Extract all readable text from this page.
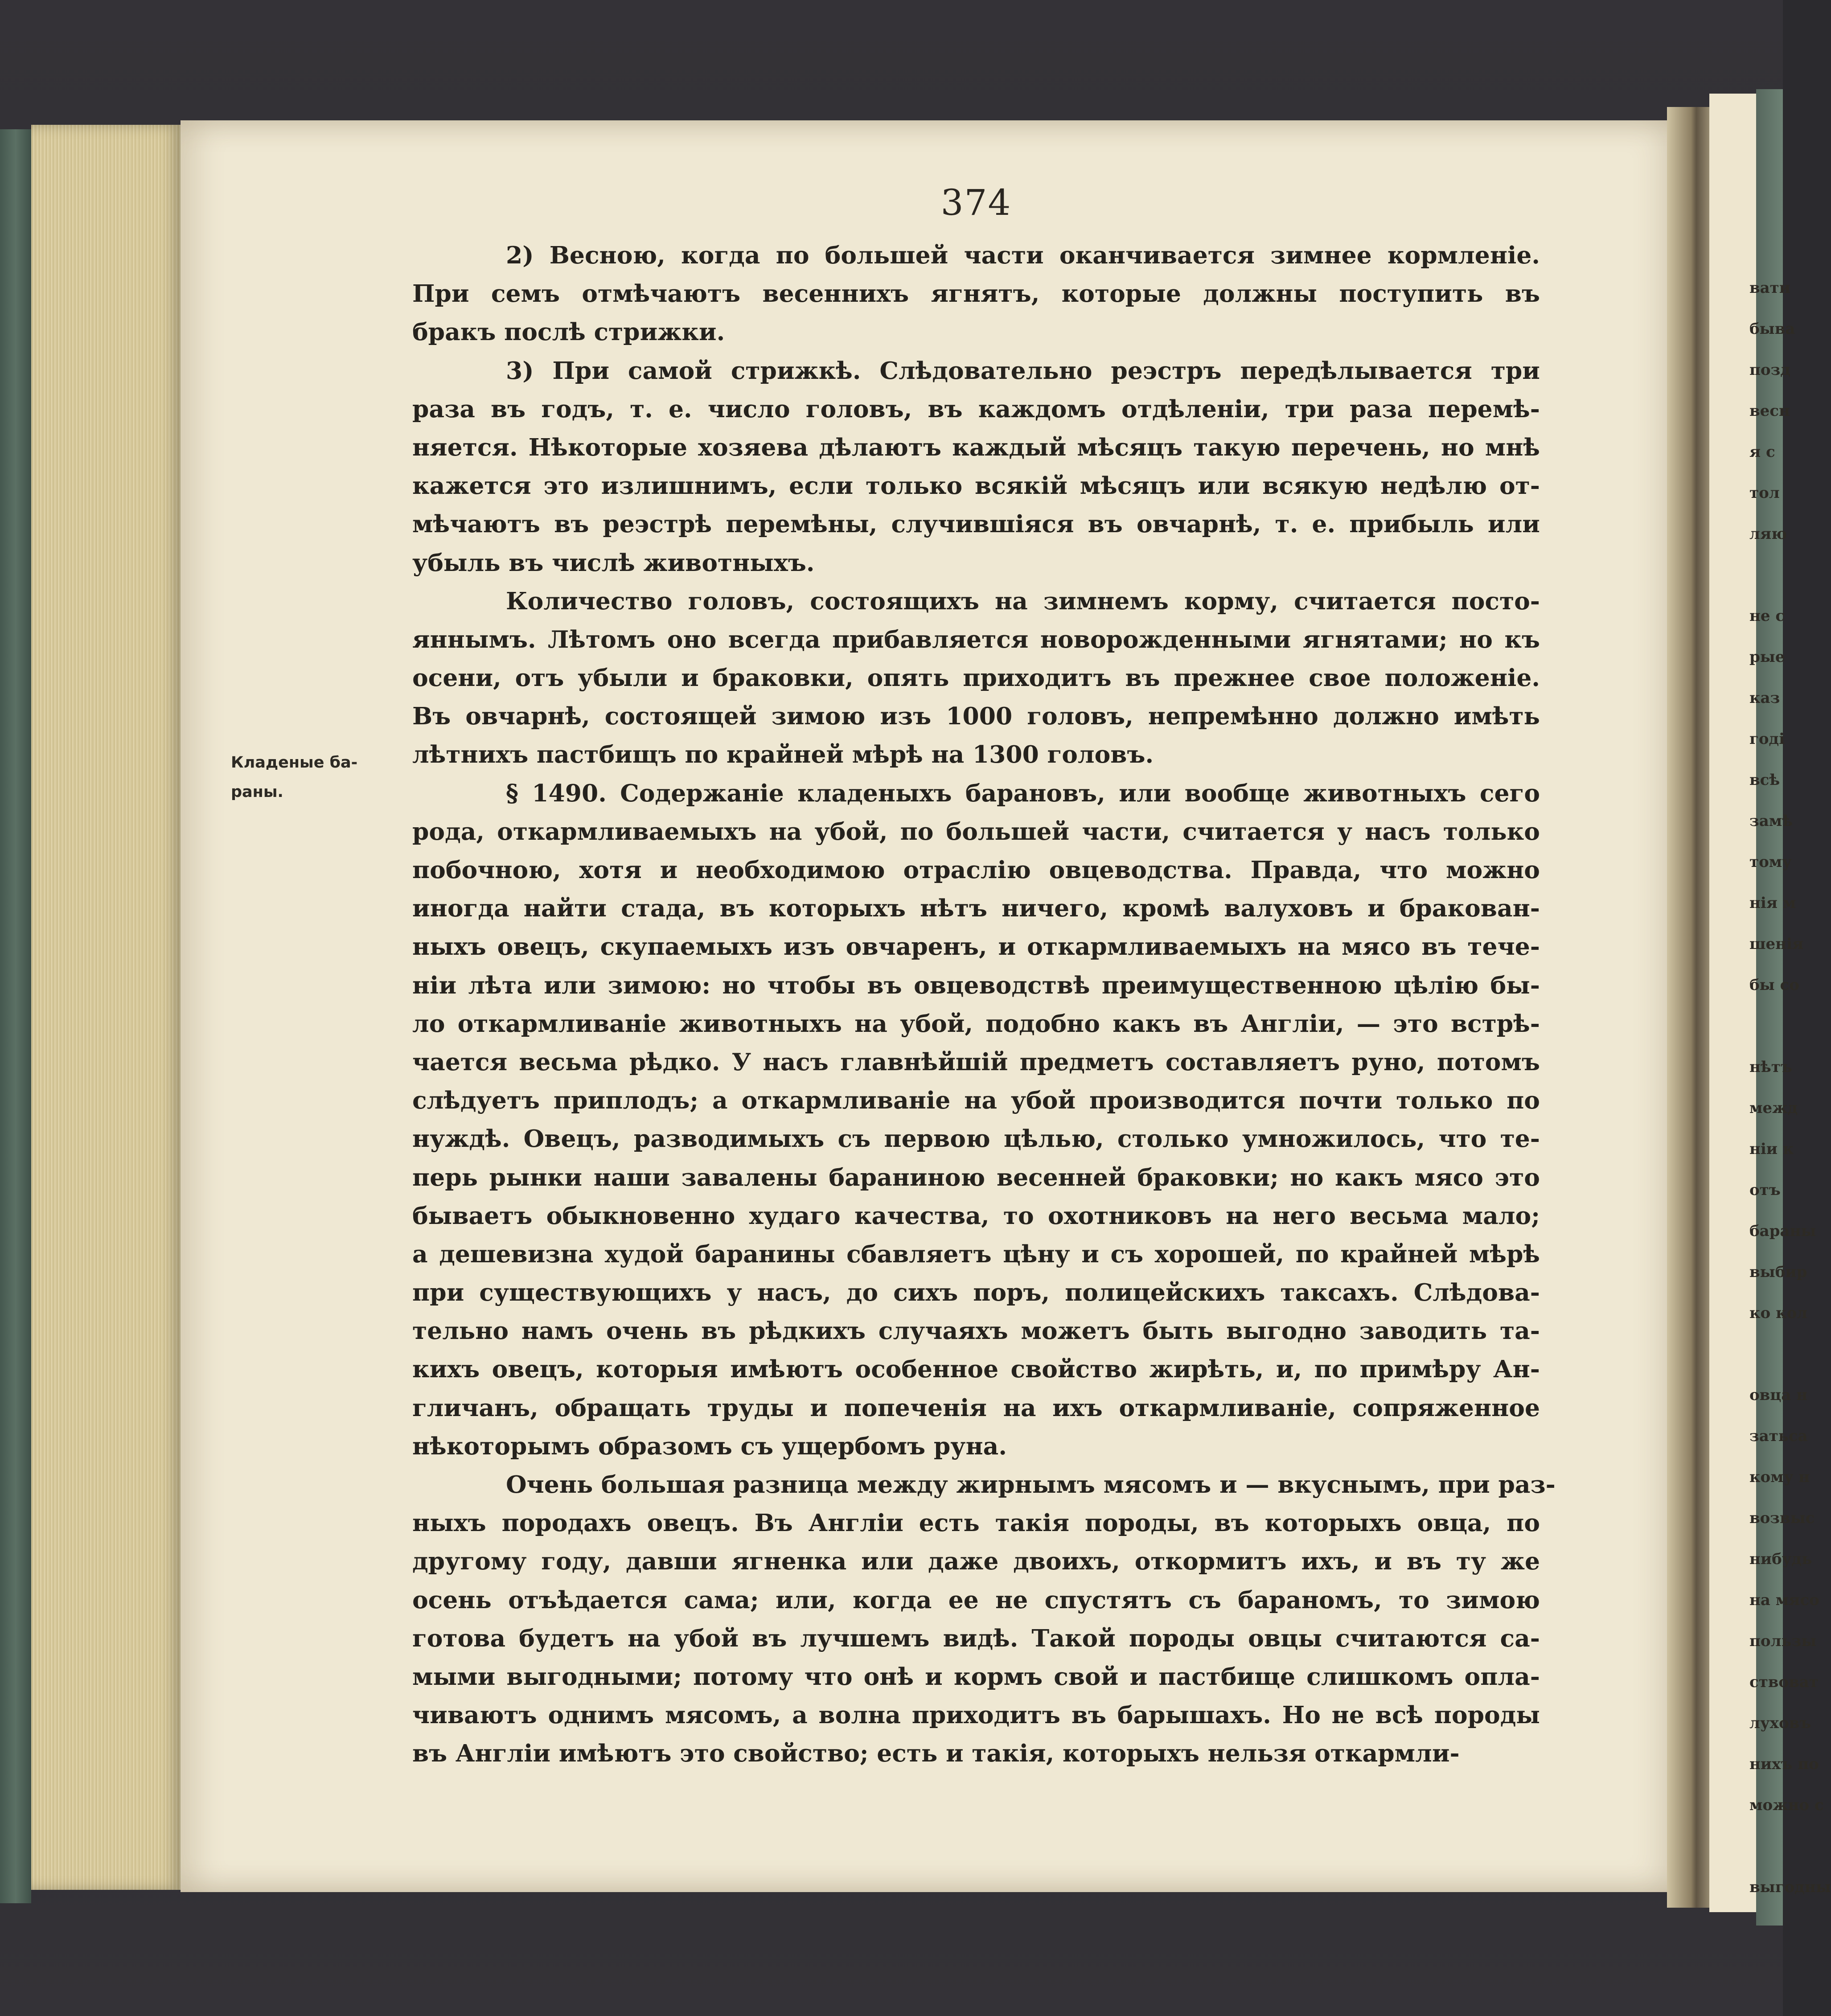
374
Кладеные ба-
раны.
2) Весною, когда по большей части оканчивается зимнее кормленіе.
При семъ отмѣчаютъ весеннихъ ягнятъ, которые должны поступить въ
бракъ послѣ стрижки.
3) При самой стрижкѣ. Слѣдовательно реэстръ передѣлывается три
раза въ годъ, т. е. число головъ, въ каждомъ отдѣленіи, три раза перемѣ-
няется. Нѣкоторые хозяева дѣлаютъ каждый мѣсяцъ такую перечень, но мнѣ
кажется это излишнимъ, если только всякій мѣсяцъ или всякую недѣлю от-
мѣчаютъ въ реэстрѣ перемѣны, случившіяся въ овчарнѣ, т. е. прибыль или
убыль въ числѣ животныхъ.
Количество головъ, состоящихъ на зимнемъ корму, считается посто-
яннымъ. Лѣтомъ оно всегда прибавляется новорожденными ягнятами; но къ
осени, отъ убыли и браковки, опять приходитъ въ прежнее свое положеніе.
Въ овчарнѣ, состоящей зимою изъ 1000 головъ, непремѣнно должно имѣть
лѣтнихъ пастбищъ по крайней мѣрѣ на 1300 головъ.
§ 1490. Содержаніе кладеныхъ барановъ, или вообще животныхъ сего
рода, откармливаемыхъ на убой, по большей части, считается у насъ только
побочною, хотя и необходимою отраслію овцеводства. Правда, что можно
иногда найти стада, въ которыхъ нѣтъ ничего, кромѣ валуховъ и бракован-
ныхъ овецъ, скупаемыхъ изъ овчаренъ, и откармливаемыхъ на мясо въ тече-
ніи лѣта или зимою: но чтобы въ овцеводствѣ преимущественною цѣлію бы-
ло откармливаніе животныхъ на убой, подобно какъ въ Англіи, — это встрѣ-
чается весьма рѣдко. У насъ главнѣйшій предметъ составляетъ руно, потомъ
слѣдуетъ приплодъ; а откармливаніе на убой производится почти только по
нуждѣ. Овецъ, разводимыхъ съ первою цѣлью, столько умножилось, что те-
перь рынки наши завалены бараниною весенней браковки; но какъ мясо это
бываетъ обыкновенно худаго качества, то охотниковъ на него весьма мало;
а дешевизна худой баранины сбавляетъ цѣну и съ хорошей, по крайней мѣрѣ
при существующихъ у насъ, до сихъ поръ, полицейскихъ таксахъ. Слѣдова-
тельно намъ очень въ рѣдкихъ случаяхъ можетъ быть выгодно заводить та-
кихъ овецъ, которыя имѣютъ особенное свойство жирѣть, и, по примѣру Ан-
гличанъ, обращать труды и попеченія на ихъ откармливаніе, сопряженное
нѣкоторымъ образомъ съ ущербомъ руна.
Очень большая разница между жирнымъ мясомъ и — вкуснымъ, при раз-
ныхъ породахъ овецъ. Въ Англіи есть такія породы, въ которыхъ овца, по
другому году, давши ягненка или даже двоихъ, откормитъ ихъ, и въ ту же
осень отъѣдается сама; или, когда ее не спустятъ съ бараномъ, то зимою
готова будетъ на убой въ лучшемъ видѣ. Такой породы овцы считаются са-
мыми выгодными; потому что онѣ и кормъ свой и пастбище слишкомъ опла-
чиваютъ однимъ мясомъ, а волна приходитъ въ барышахъ. Но не всѣ породы
въ Англіи имѣютъ это свойство; есть и такія, которыхъ нельзя откармли-
вати
быва
позд
весн
я с
тол
ляю
не с
рые
каз
годі
всѣ
замѣ
тому
нія м
шенія
бы со
нѣтъ
межд
ніи к
отъ
бараны
выбир
ко кол
овца н
затьса
кому н
возвыс
нибудь
на мясо
пользы
ствоват
луховъ
нихъ по
можно с
выгодны
